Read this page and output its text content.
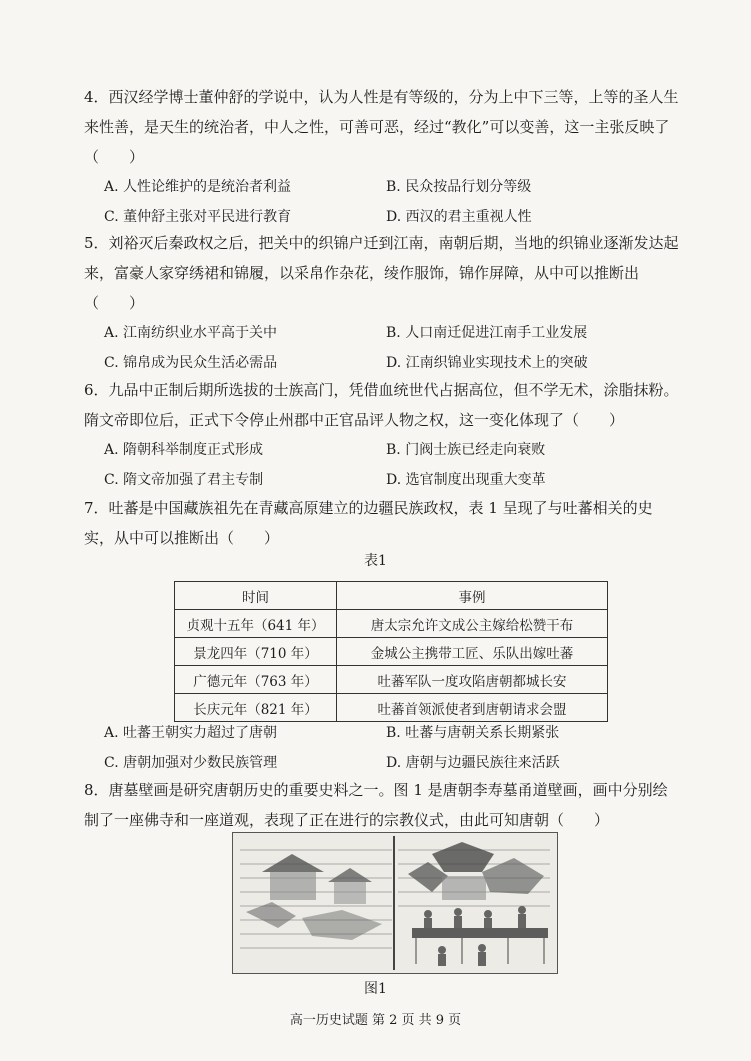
4．西汉经学博士董仲舒的学说中，认为人性是有等级的，分为上中下三等，上等的圣人生来性善，是天生的统治者，中人之性，可善可恶，经过“教化”可以变善，这一主张反映了（　　）

A. 人性论维护的是统治者利益	B. 民众按品行划分等级
C. 董仲舒主张对平民进行教育	D. 西汉的君主重视人性

5．刘裕灭后秦政权之后，把关中的织锦户迁到江南，南朝后期，当地的织锦业逐渐发达起来，富豪人家穿绣裙和锦履，以采帛作杂花，绫作服饰，锦作屏障，从中可以推断出（　　）

A. 江南纺织业水平高于关中	B. 人口南迁促进江南手工业发展
C. 锦帛成为民众生活必需品	D. 江南织锦业实现技术上的突破

6．九品中正制后期所选拔的士族高门，凭借血统世代占据高位，但不学无术，涂脂抹粉。隋文帝即位后，正式下令停止州郡中正官品评人物之权，这一变化体现了（　　）

A. 隋朝科举制度正式形成	B. 门阀士族已经走向衰败
C. 隋文帝加强了君主专制	D. 选官制度出现重大变革

7．吐蕃是中国藏族祖先在青藏高原建立的边疆民族政权，表 1 呈现了与吐蕃相关的史实，从中可以推断出（　　）

表1
时间	事例
贞观十五年（641 年）	唐太宗允许文成公主嫁给松赞干布
景龙四年（710 年）	金城公主携带工匠、乐队出嫁吐蕃
广德元年（763 年）	吐蕃军队一度攻陷唐朝都城长安
长庆元年（821 年）	吐蕃首领派使者到唐朝请求会盟
A. 吐蕃王朝实力超过了唐朝	B. 吐蕃与唐朝关系长期紧张
C. 唐朝加强对少数民族管理	D. 唐朝与边疆民族往来活跃

8．唐墓壁画是研究唐朝历史的重要史料之一。图 1 是唐朝李寿墓甬道壁画，画中分别绘制了一座佛寺和一座道观，表现了正在进行的宗教仪式，由此可知唐朝（　　）

图1
高一历史试题 第 2 页 共 9 页
